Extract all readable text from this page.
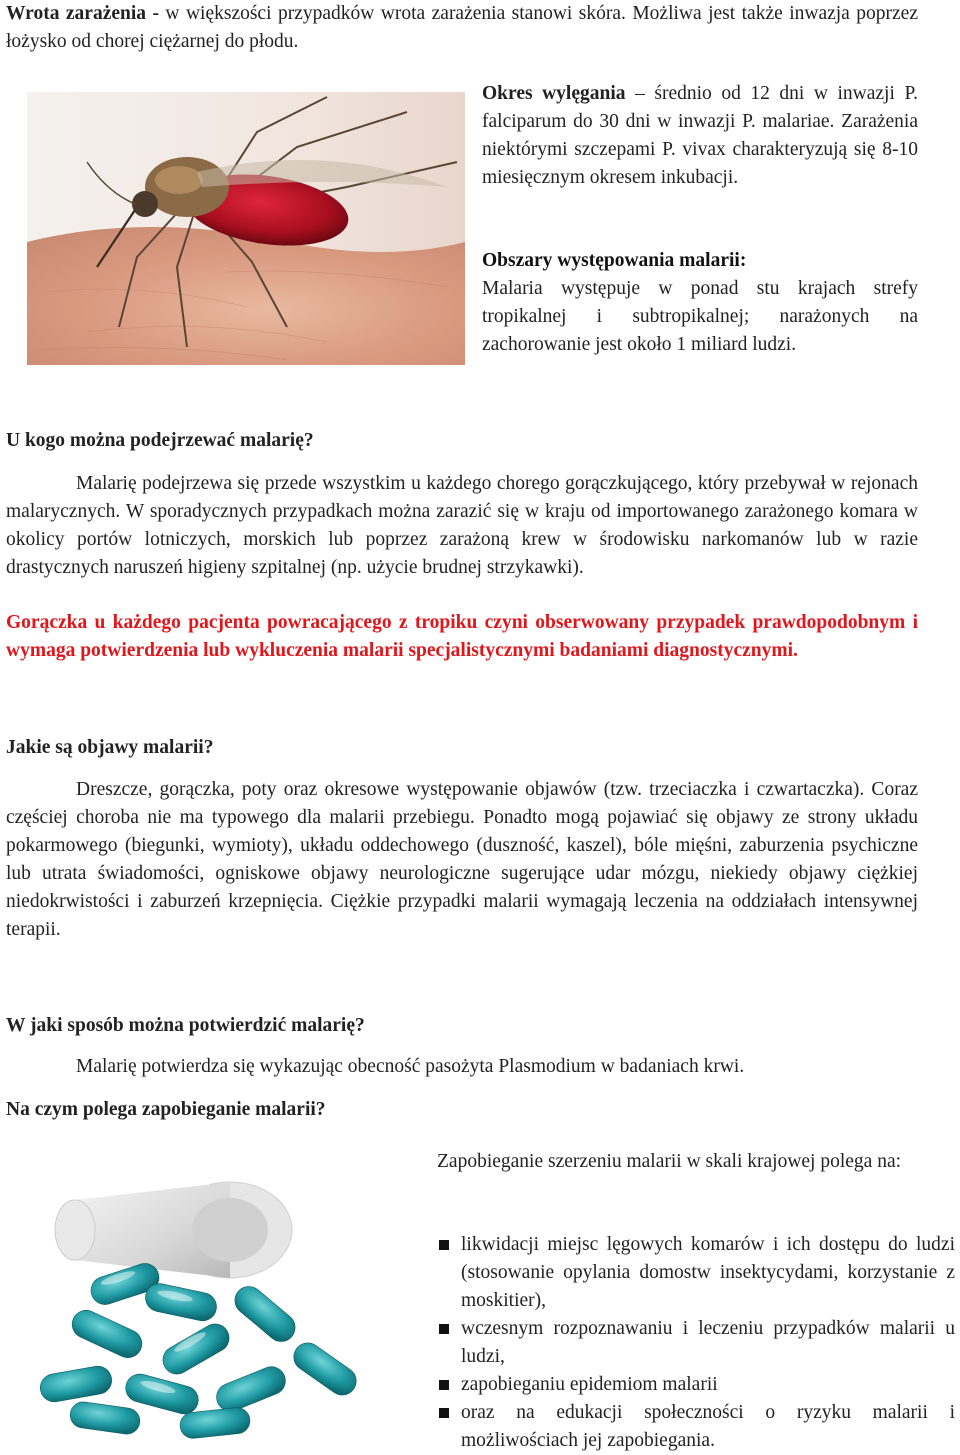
Wrota zarażenia - w większości przypadków wrota zarażenia stanowi skóra. Możliwa jest także inwazja poprzez łożysko od chorej ciężarnej do płodu.

Okres wylęgania – średnio od 12 dni w inwazji P. falciparum do 30 dni w inwazji P. malariae. Zarażenia niektórymi szczepami P. vivax charakteryzują się 8-10 miesięcznym okresem inkubacji.

Obszary występowania malarii:
Malaria występuje w ponad stu krajach strefy tropikalnej i subtropikalnej; narażonych na zachorowanie jest około 1 miliard ludzi.
U kogo można podejrzewać malarię?

Malarię podejrzewa się przede wszystkim u każdego chorego gorączkującego, który przebywał w rejonach malarycznych. W sporadycznych przypadkach można zarazić się w kraju od importowanego zarażonego komara w okolicy portów lotniczych, morskich lub poprzez zarażoną krew w środowisku narkomanów lub w razie drastycznych naruszeń higieny szpitalnej (np. użycie brudnej strzykawki).

Gorączka u każdego pacjenta powracającego z tropiku czyni obserwowany przypadek prawdopodobnym i wymaga potwierdzenia lub wykluczenia malarii specjalistycznymi badaniami diagnostycznymi.

Jakie są objawy malarii?

Dreszcze, gorączka, poty oraz okresowe występowanie objawów (tzw. trzeciaczka i czwartaczka). Coraz częściej choroba nie ma typowego dla malarii przebiegu. Ponadto mogą pojawiać się objawy ze strony układu pokarmowego (biegunki, wymioty), układu oddechowego (duszność, kaszel), bóle mięśni, zaburzenia psychiczne lub utrata świadomości, ogniskowe objawy neurologiczne sugerujące udar mózgu, niekiedy objawy ciężkiej niedokrwistości i zaburzeń krzepnięcia. Ciężkie przypadki malarii wymagają leczenia na oddziałach intensywnej terapii.

W jaki sposób można potwierdzić malarię?

Malarię potwierdza się wykazując obecność pasożyta Plasmodium w badaniach krwi.

Na czym polega zapobieganie malarii?

Zapobieganie szerzeniu malarii w skali krajowej polega na:

likwidacji miejsc lęgowych komarów i ich dostępu do ludzi (stosowanie opylania domostw insektycydami, korzystanie z moskitier),
wczesnym rozpoznawaniu i leczeniu przypadków malarii u ludzi,
zapobieganiu epidemiom malarii
oraz na edukacji społeczności o ryzyku malarii i możliwościach jej zapobiegania.
